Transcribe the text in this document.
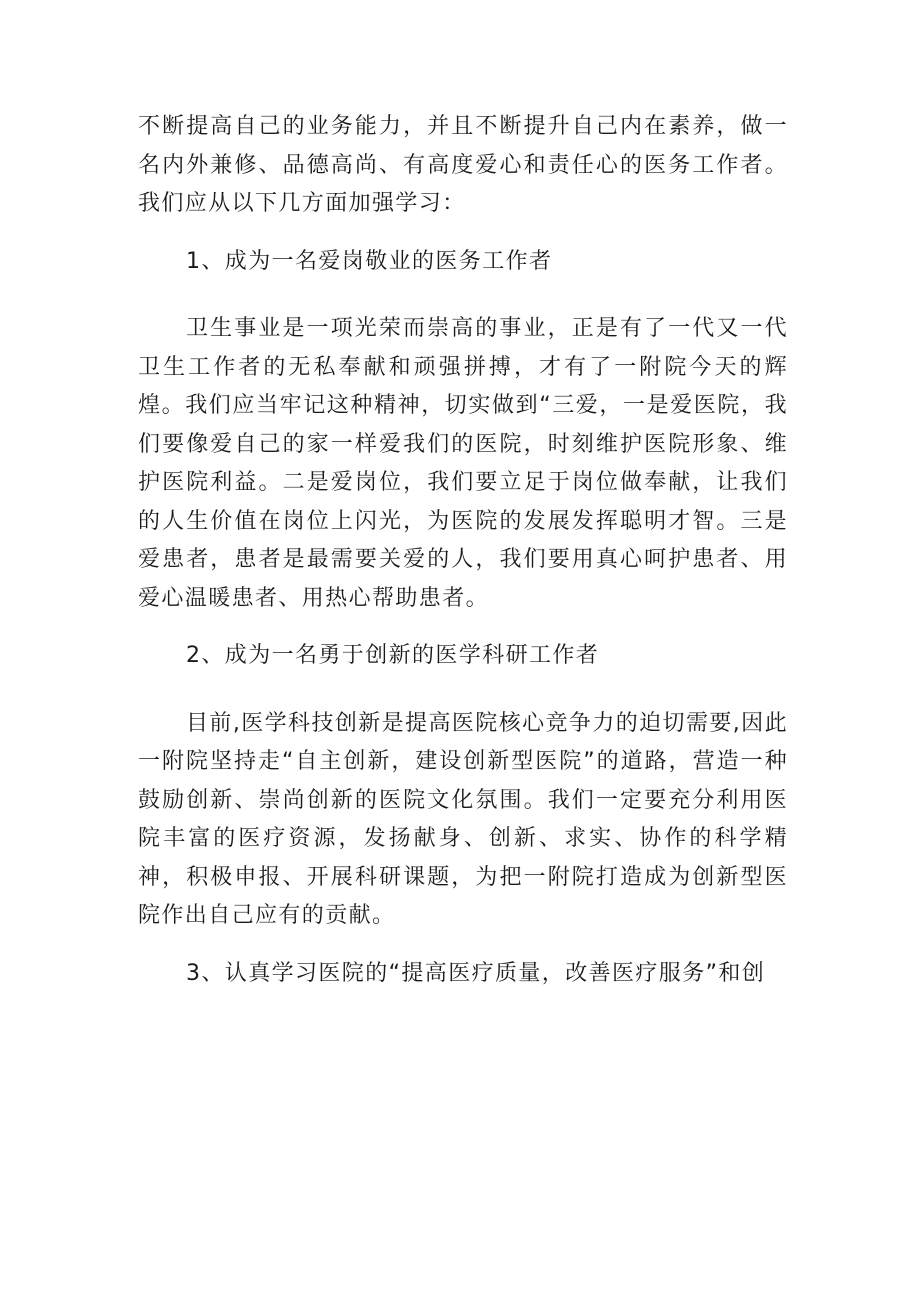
不断提高自己的业务能力，并且不断提升自己内在素养，做一名内外兼修、品德高尚、有高度爱心和责任心的医务工作者。我们应从以下几方面加强学习：

1、成为一名爱岗敬业的医务工作者

卫生事业是一项光荣而崇高的事业，正是有了一代又一代卫生工作者的无私奉献和顽强拼搏，才有了一附院今天的辉煌。我们应当牢记这种精神，切实做到“三爱，一是爱医院，我们要像爱自己的家一样爱我们的医院，时刻维护医院形象、维护医院利益。二是爱岗位，我们要立足于岗位做奉献，让我们的人生价值在岗位上闪光，为医院的发展发挥聪明才智。三是爱患者，患者是最需要关爱的人，我们要用真心呵护患者、用爱心温暖患者、用热心帮助患者。

2、成为一名勇于创新的医学科研工作者

目前,医学科技创新是提高医院核心竞争力的迫切需要,因此一附院坚持走“自主创新，建设创新型医院”的道路，营造一种鼓励创新、崇尚创新的医院文化氛围。我们一定要充分利用医院丰富的医疗资源，发扬献身、创新、求实、协作的科学精神，积极申报、开展科研课题，为把一附院打造成为创新型医院作出自己应有的贡献。

3、认真学习医院的“提高医疗质量，改善医疗服务”和创
